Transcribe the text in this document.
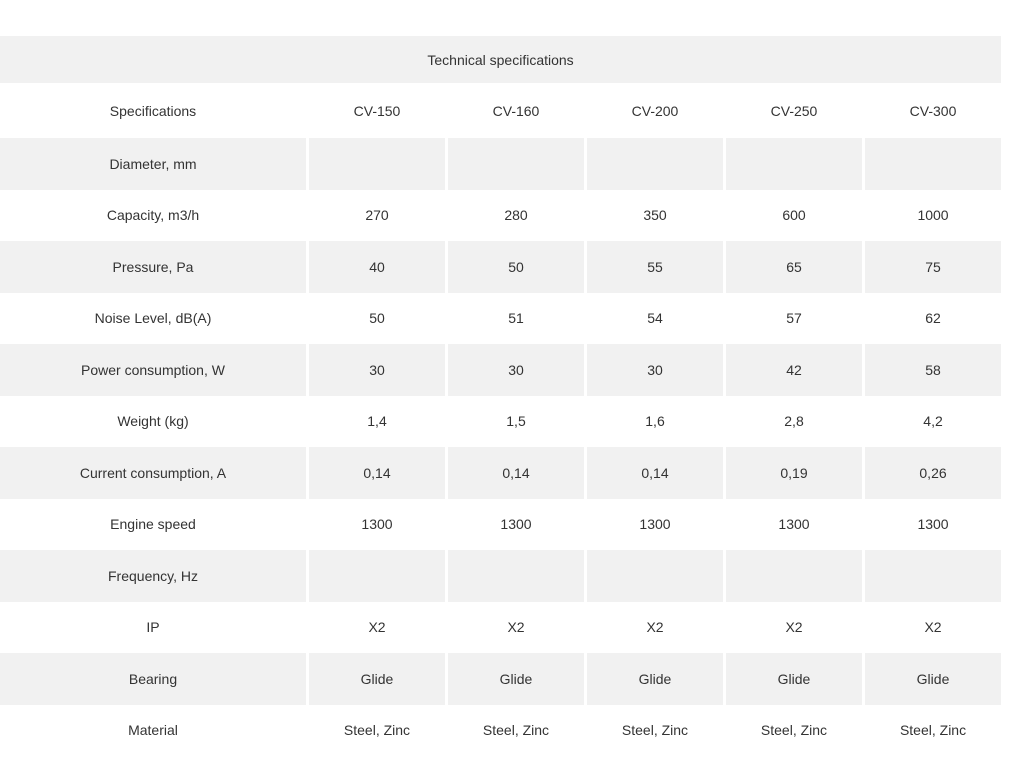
Technical specifications					
Specifications	CV-150	CV-160	CV-200	CV-250	CV-300
Diameter, mm					
Capacity, m3/h	270	280	350	600	1000
Pressure, Pa	40	50	55	65	75
Noise Level, dB(A)	50	51	54	57	62
Power consumption, W	30	30	30	42	58
Weight (kg)	1,4	1,5	1,6	2,8	4,2
Current consumption, A	0,14	0,14	0,14	0,19	0,26
Engine speed	1300	1300	1300	1300	1300
Frequency, Hz					
IP	X2	X2	X2	X2	X2
Bearing	Glide	Glide	Glide	Glide	Glide
Material	Steel, Zinc	Steel, Zinc	Steel, Zinc	Steel, Zinc	Steel, Zinc
